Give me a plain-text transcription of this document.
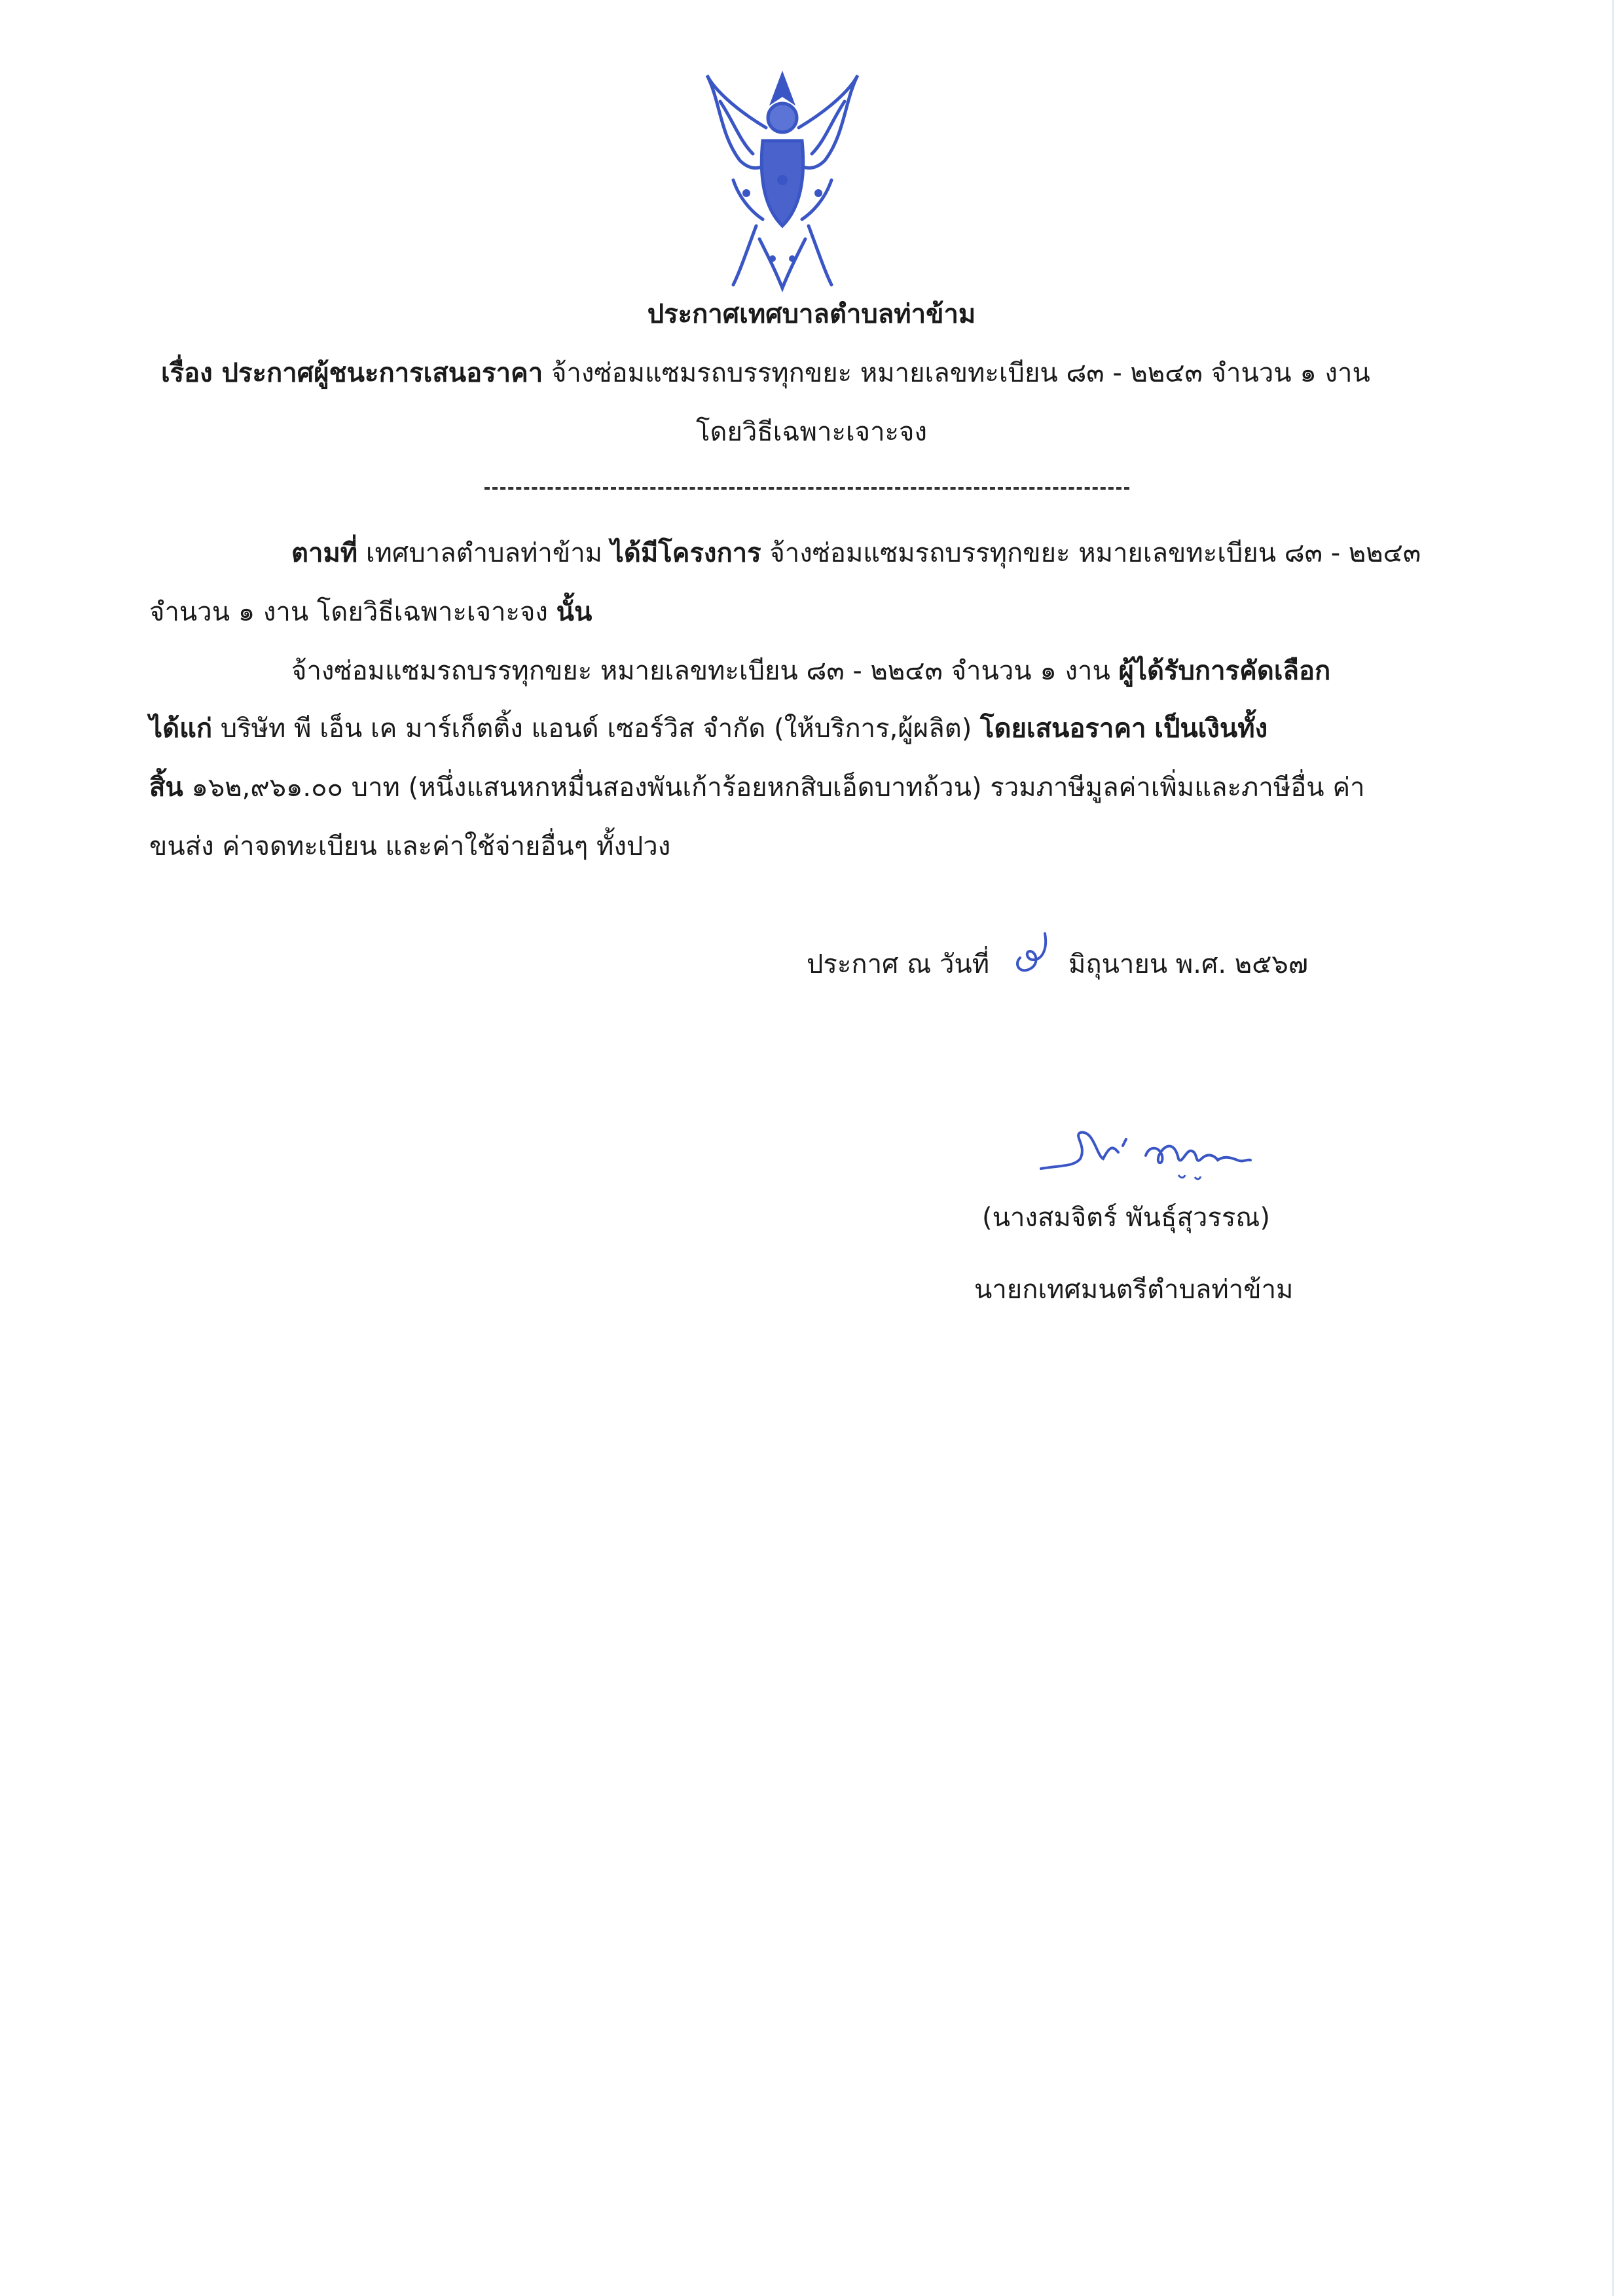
ประกาศเทศบาลตำบลท่าข้าม
เรื่อง ประกาศผู้ชนะการเสนอราคา จ้างซ่อมแซมรถบรรทุกขยะ หมายเลขทะเบียน ๘๓ - ๒๒๔๓ จำนวน ๑ งาน
โดยวิธีเฉพาะเจาะจง
ตามที่ เทศบาลตำบลท่าข้าม ได้มีโครงการ จ้างซ่อมแซมรถบรรทุกขยะ หมายเลขทะเบียน ๘๓ - ๒๒๔๓
จำนวน ๑ งาน โดยวิธีเฉพาะเจาะจง นั้น
จ้างซ่อมแซมรถบรรทุกขยะ หมายเลขทะเบียน ๘๓ - ๒๒๔๓ จำนวน ๑ งาน ผู้ได้รับการคัดเลือก
ได้แก่ บริษัท พี เอ็น เค มาร์เก็ตติ้ง แอนด์ เซอร์วิส จำกัด (ให้บริการ,ผู้ผลิต) โดยเสนอราคา เป็นเงินทั้ง
สิ้น ๑๖๒,๙๖๑.๐๐ บาท (หนึ่งแสนหกหมื่นสองพันเก้าร้อยหกสิบเอ็ดบาทถ้วน) รวมภาษีมูลค่าเพิ่มและภาษีอื่น ค่า
ขนส่ง ค่าจดทะเบียน และค่าใช้จ่ายอื่นๆ ทั้งปวง
ประกาศ ณ วันที่	มิถุนายน พ.ศ. ๒๕๖๗
(นางสมจิตร์ พันธุ์สุวรรณ)
นายกเทศมนตรีตำบลท่าข้าม
